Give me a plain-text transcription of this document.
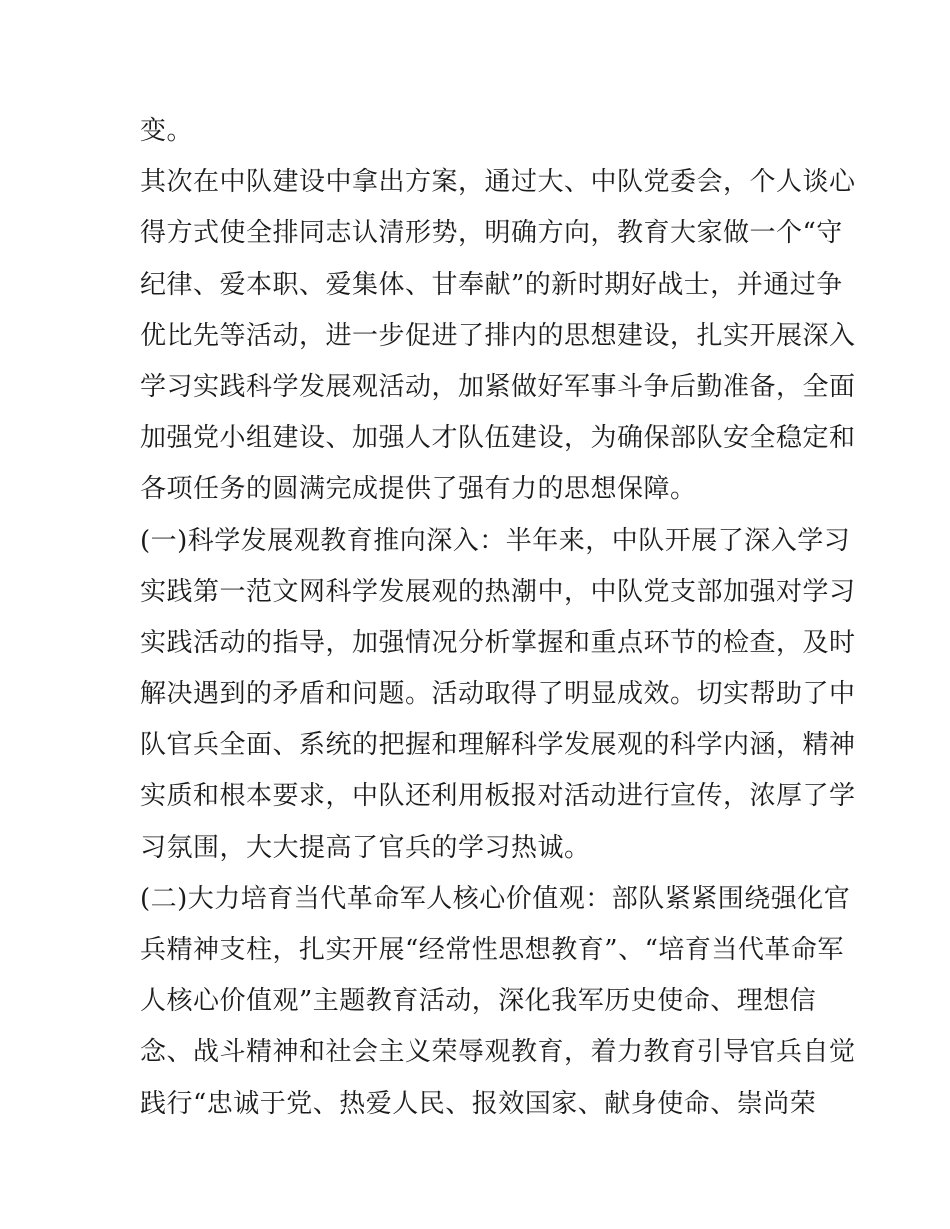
变。
其次在中队建设中拿出方案，通过大、中队党委会，个人谈心
得方式使全排同志认清形势，明确方向，教育大家做一个“守
纪律、爱本职、爱集体、甘奉献”的新时期好战士，并通过争
优比先等活动，进一步促进了排内的思想建设，扎实开展深入
学习实践科学发展观活动，加紧做好军事斗争后勤准备，全面
加强党小组建设、加强人才队伍建设，为确保部队安全稳定和
各项任务的圆满完成提供了强有力的思想保障。
(一)科学发展观教育推向深入：半年来，中队开展了深入学习
实践第一范文网科学发展观的热潮中，中队党支部加强对学习
实践活动的指导，加强情况分析掌握和重点环节的检查，及时
解决遇到的矛盾和问题。活动取得了明显成效。切实帮助了中
队官兵全面、系统的把握和理解科学发展观的科学内涵，精神
实质和根本要求，中队还利用板报对活动进行宣传，浓厚了学
习氛围，大大提高了官兵的学习热诚。
(二)大力培育当代革命军人核心价值观：部队紧紧围绕强化官
兵精神支柱，扎实开展“经常性思想教育”、“培育当代革命军
人核心价值观”主题教育活动，深化我军历史使命、理想信
念、战斗精神和社会主义荣辱观教育，着力教育引导官兵自觉
践行“忠诚于党、热爱人民、报效国家、献身使命、崇尚荣
